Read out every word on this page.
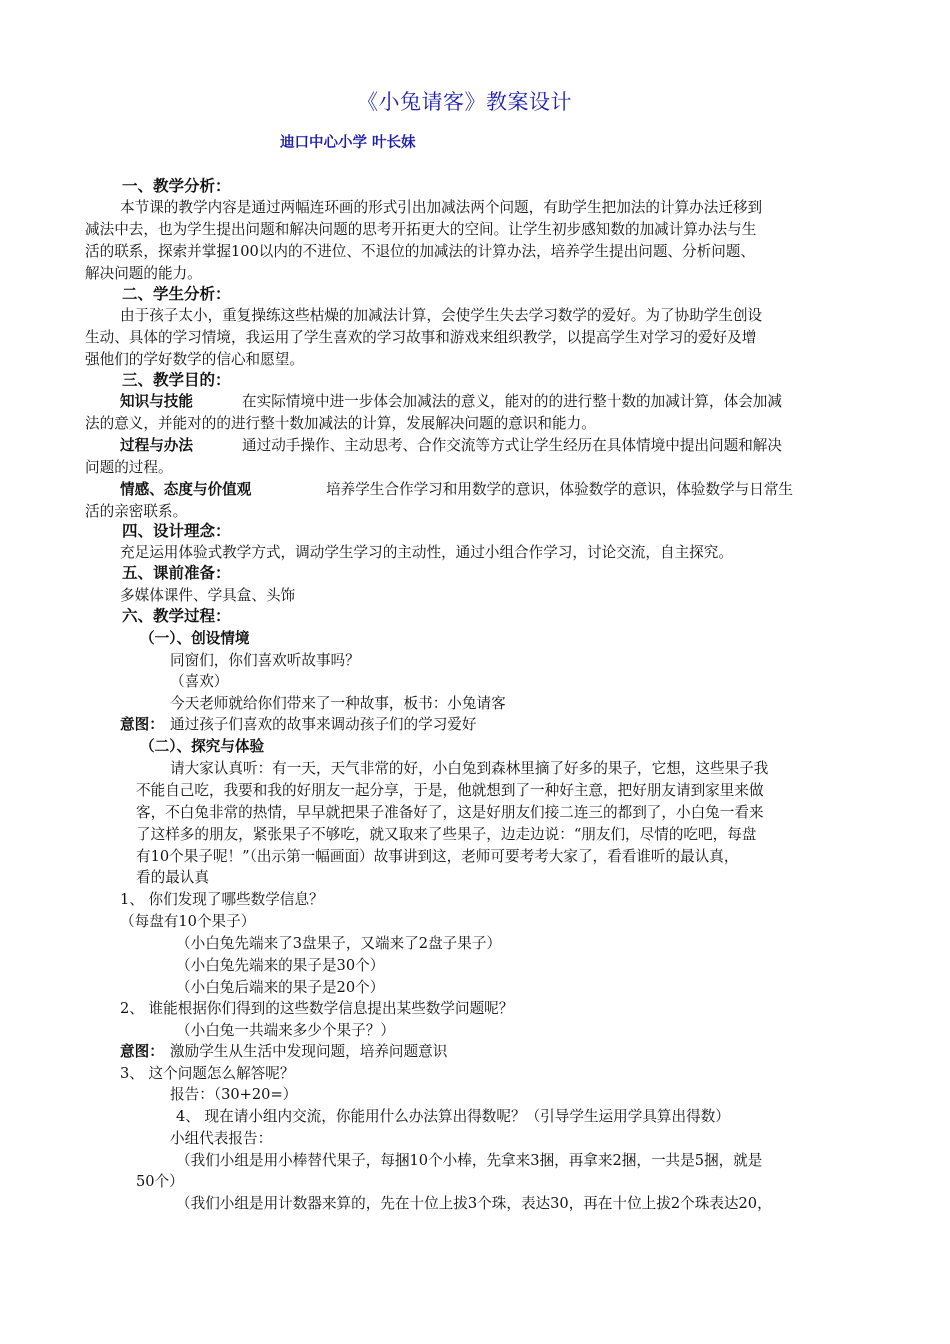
《小兔请客》教案设计
迪口中心小学 叶长妹
一、教学分析：
本节课的教学内容是通过两幅连环画的形式引出加减法两个问题，有助学生把加法的计算办法迁移到
减法中去，也为学生提出问题和解决问题的思考开拓更大的空间。让学生初步感知数的加减计算办法与生
活的联系，探索并掌握100以内的不进位、不退位的加减法的计算办法，培养学生提出问题、分析问题、
解决问题的能力。
二、学生分析：
由于孩子太小，重复操练这些枯燥的加减法计算，会使学生失去学习数学的爱好。为了协助学生创设
生动、具体的学习情境，我运用了学生喜欢的学习故事和游戏来组织教学，以提高学生对学习的爱好及增
强他们的学好数学的信心和愿望。
三、教学目的：
知识与技能	在实际情境中进一步体会加减法的意义，能对的的进行整十数的加减计算，体会加减
法的意义，并能对的的进行整十数加减法的计算，发展解决问题的意识和能力。
过程与办法	通过动手操作、主动思考、合作交流等方式让学生经历在具体情境中提出问题和解决
问题的过程。
情感、态度与价值观	培养学生合作学习和用数学的意识，体验数学的意识，体验数学与日常生
活的亲密联系。
四、设计理念：
充足运用体验式教学方式，调动学生学习的主动性，通过小组合作学习，讨论交流，自主探究。
五、课前准备：
多媒体课件、学具盒、头饰
六、教学过程：
（一）、创设情境
同窗们，你们喜欢听故事吗？
（喜欢）
今天老师就给你们带来了一种故事，板书：小兔请客
意图： 通过孩子们喜欢的故事来调动孩子们的学习爱好
（二）、探究与体验
请大家认真听：有一天，天气非常的好，小白兔到森林里摘了好多的果子，它想，这些果子我
不能自己吃，我要和我的好朋友一起分享，于是，他就想到了一种好主意，把好朋友请到家里来做
客，不白兔非常的热情，早早就把果子准备好了，这是好朋友们接二连三的都到了，小白兔一看来
了这样多的朋友，紧张果子不够吃，就又取来了些果子，边走边说：“朋友们，尽情的吃吧，每盘
有10个果子呢！”（出示第一幅画面）故事讲到这，老师可要考考大家了，看看谁听的最认真，
看的最认真
1、 你们发现了哪些数学信息？
（每盘有10个果子）
（小白兔先端来了3盘果子，又端来了2盘子果子）
（小白兔先端来的果子是30个）
（小白兔后端来的果子是20个）
2、 谁能根据你们得到的这些数学信息提出某些数学问题呢？
（小白兔一共端来多少个果子？）
意图： 激励学生从生活中发现问题，培养问题意识
3、 这个问题怎么解答呢？
报告：（30+20=）
4、 现在请小组内交流，你能用什么办法算出得数呢？（引导学生运用学具算出得数）
小组代表报告：
（我们小组是用小棒替代果子，每捆10个小棒，先拿来3捆，再拿来2捆，一共是5捆，就是
50个）
（我们小组是用计数器来算的，先在十位上拔3个珠，表达30，再在十位上拔2个珠表达20，
